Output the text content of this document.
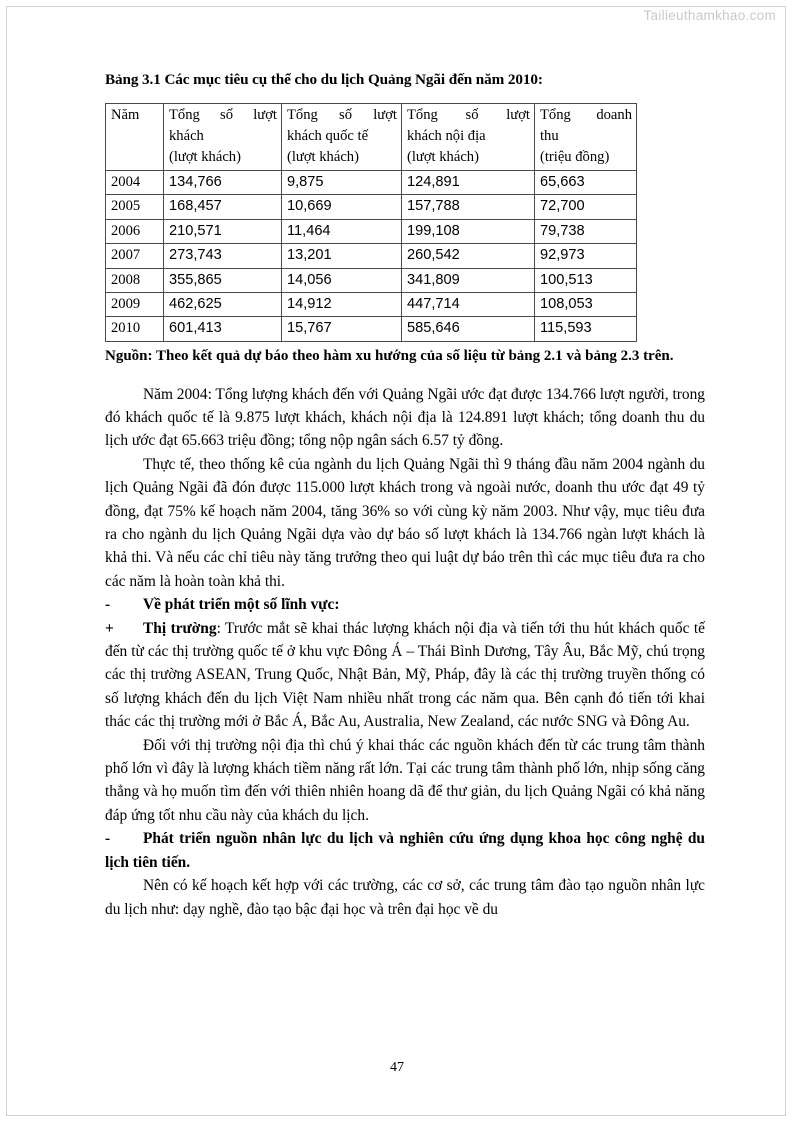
Tailieuthamkhao.com

Bảng 3.1 Các mục tiêu cụ thể cho du lịch Quảng Ngãi đến năm 2010:

Năm	Tổng số lượt
khách
(lượt khách)	Tổng số lượt
khách quốc tế
(lượt khách)	Tổng số lượt
khách nội địa
(lượt khách)	Tổng doanh
thu
(triệu đồng)

2004	134,766	9,875	124,891	65,663
2005	168,457	10,669	157,788	72,700
2006	210,571	11,464	199,108	79,738
2007	273,743	13,201	260,542	92,973
2008	355,865	14,056	341,809	100,513
2009	462,625	14,912	447,714	108,053
2010	601,413	15,767	585,646	115,593

Nguồn: Theo kết quả dự báo theo hàm xu hướng của số liệu từ bảng 2.1 và bảng 2.3 trên.

Năm 2004: Tổng lượng khách đến với Quảng Ngãi ước đạt được 134.766 lượt người, trong đó khách quốc tế là 9.875 lượt khách, khách nội địa là 124.891 lượt khách; tổng doanh thu du lịch ước đạt 65.663 triệu đồng; tổng nộp ngân sách 6.57 tỷ đồng.

Thực tế, theo thống kê của ngành du lịch Quảng Ngãi thì 9 tháng đầu năm 2004 ngành du lịch Quảng Ngãi đã đón được 115.000 lượt khách trong và ngoài nước, doanh thu ước đạt 49 tỷ đồng, đạt 75% kế hoạch năm 2004, tăng 36% so với cùng kỳ năm 2003. Như vậy, mục tiêu đưa ra cho ngành du lịch Quảng Ngãi dựa vào dự báo số lượt khách là 134.766 ngàn lượt khách là khả thi. Và nếu các chỉ tiêu này tăng trưởng theo qui luật dự báo trên thì các mục tiêu đưa ra cho các năm là hoàn toàn khả thi.

- Về phát triển một số lĩnh vực:

+ Thị trường: Trước mắt sẽ khai thác lượng khách nội địa và tiến tới thu hút khách quốc tế đến từ các thị trường quốc tế ở khu vực Đông Á – Thái Bình Dương, Tây Âu, Bắc Mỹ, chú trọng các thị trường ASEAN, Trung Quốc, Nhật Bản, Mỹ, Pháp, đây là các thị trường truyền thống có số lượng khách đến du lịch Việt Nam nhiều nhất trong các năm qua. Bên cạnh đó tiến tới khai thác các thị trường mới ở Bắc Á, Bắc Au, Australia, New Zealand, các nước SNG và Đông Au.

Đối với thị trường nội địa thì chú ý khai thác các nguồn khách đến từ các trung tâm thành phố lớn vì đây là lượng khách tiềm năng rất lớn. Tại các trung tâm thành phố lớn, nhịp sống căng thẳng và họ muốn tìm đến với thiên nhiên hoang dã để thư giản, du lịch Quảng Ngãi có khả năng đáp ứng tốt nhu cầu này của khách du lịch.

- Phát triển nguồn nhân lực du lịch và nghiên cứu ứng dụng khoa học công nghệ du lịch tiên tiến.

Nên có kế hoạch kết hợp với các trường, các cơ sở, các trung tâm đào tạo nguồn nhân lực du lịch như: dạy nghề, đào tạo bậc đại học và trên đại học về du

47
